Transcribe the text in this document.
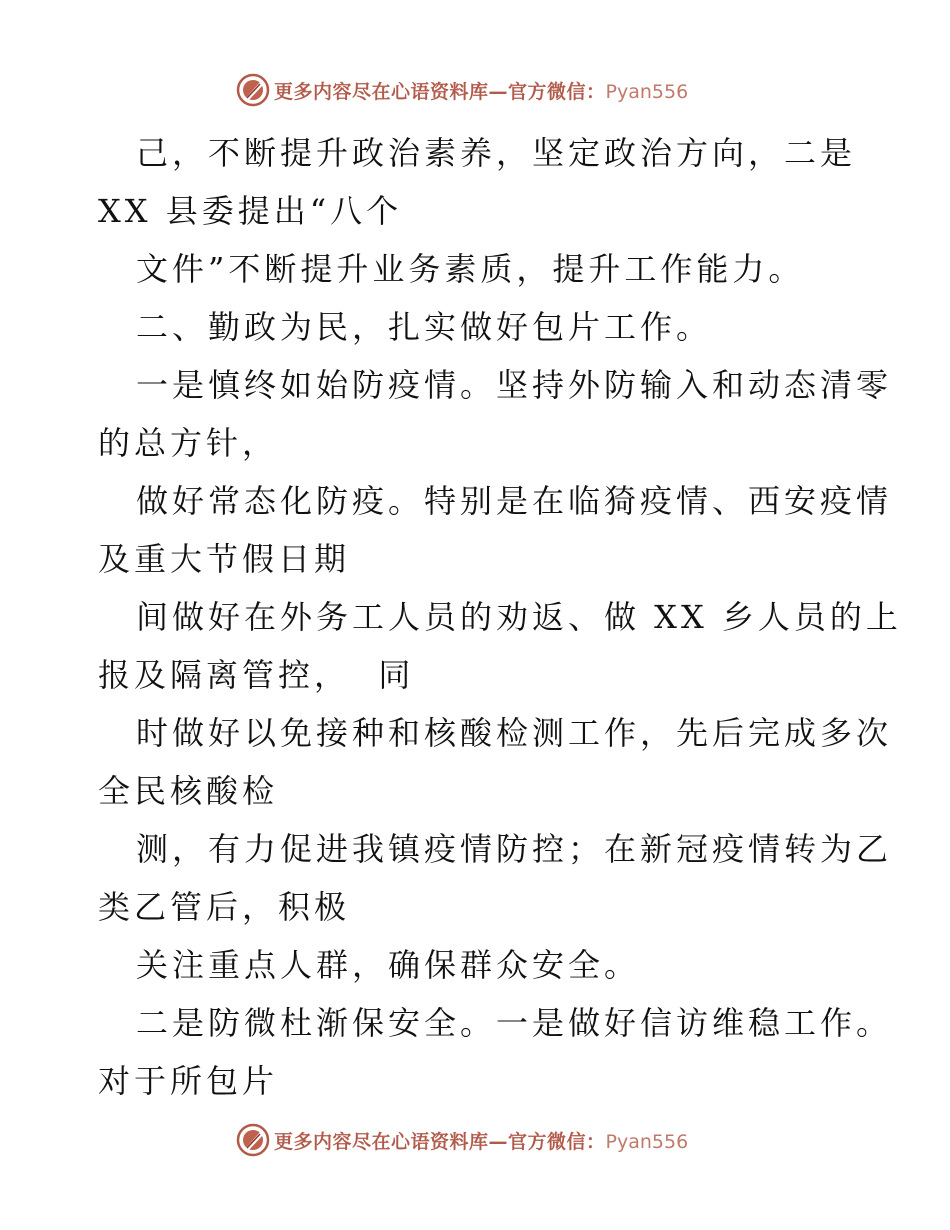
更多内容尽在心语资料库—官方微信：Pyan556
己，不断提升政治素养，坚定政治方向，二是
XX 县委提出“八个
文件”不断提升业务素质，提升工作能力。
二、勤政为民，扎实做好包片工作。
一是慎终如始防疫情。坚持外防输入和动态清零
的总方针，
做好常态化防疫。特别是在临猗疫情、西安疫情
及重大节假日期
间做好在外务工人员的劝返、做 XX 乡人员的上
报及隔离管控，  同
时做好以免接种和核酸检测工作，先后完成多次
全民核酸检
测，有力促进我镇疫情防控；在新冠疫情转为乙
类乙管后，积极
关注重点人群，确保群众安全。
二是防微杜渐保安全。一是做好信访维稳工作。
对于所包片
更多内容尽在心语资料库—官方微信：Pyan556
